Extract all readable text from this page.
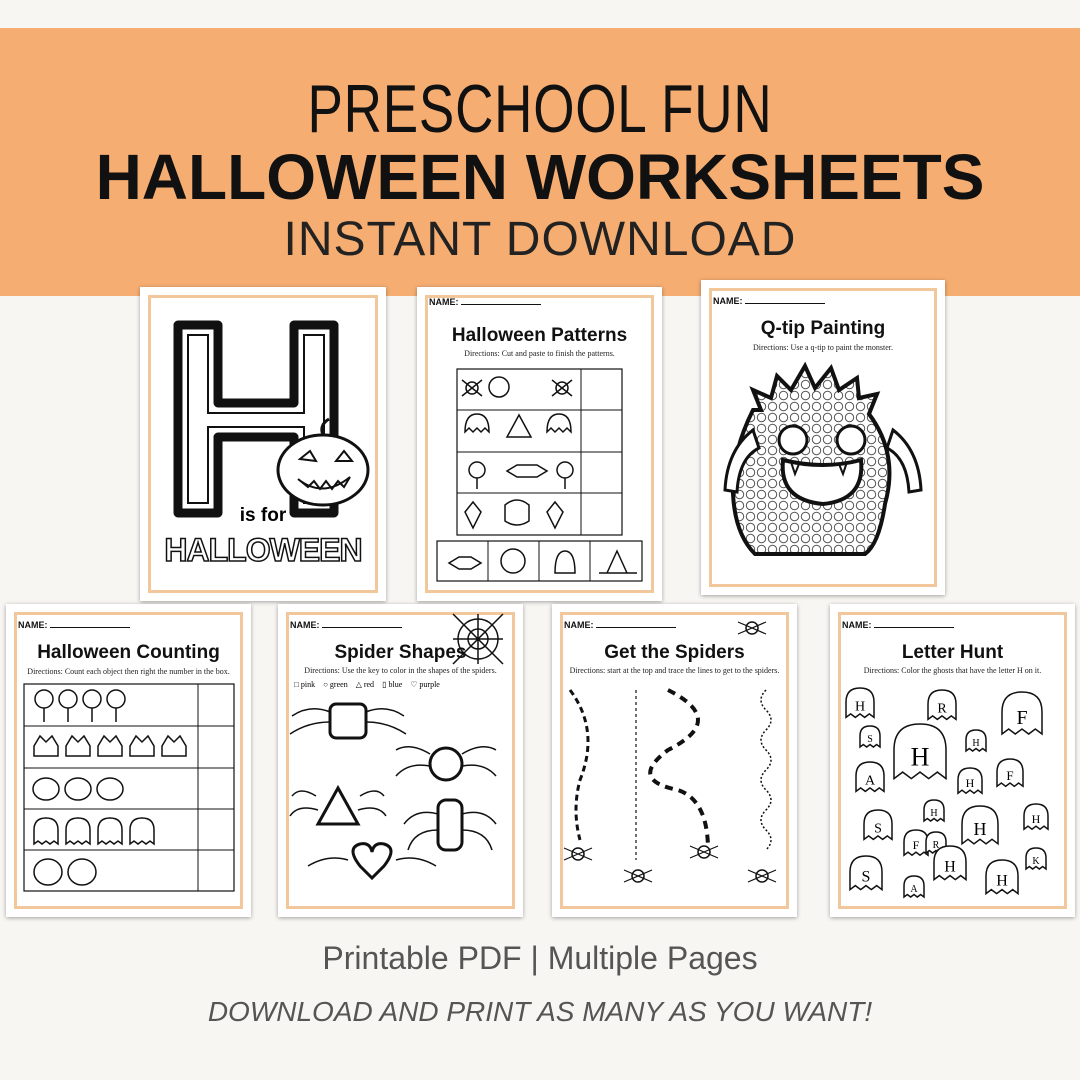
PRESCHOOL FUN
HALLOWEEN WORKSHEETS
INSTANT DOWNLOAD
is for
HALLOWEEN
NAME:
Halloween Patterns
Directions: Cut and paste to finish the patterns.
NAME:
Q-tip Painting
Directions: Use a q-tip to paint the monster.
NAME:
Halloween Counting
Directions: Count each object then right the number in the box.
NAME:
Spider Shapes
Directions: Use the key to color in the shapes of the spiders.
□ pink ○ green △ red ▯ blue ♡ purple
NAME:
Get the Spiders
Directions: start at the top and trace the lines to get to the spiders.
NAME:
Letter Hunt
Directions: Color the ghosts that have the letter H on it.
H	R	F
S
H	H
A	H
F
H
S	H
F R
H
H
S	H
A
K
Printable PDF | Multiple Pages
DOWNLOAD AND PRINT AS MANY AS YOU WANT!
